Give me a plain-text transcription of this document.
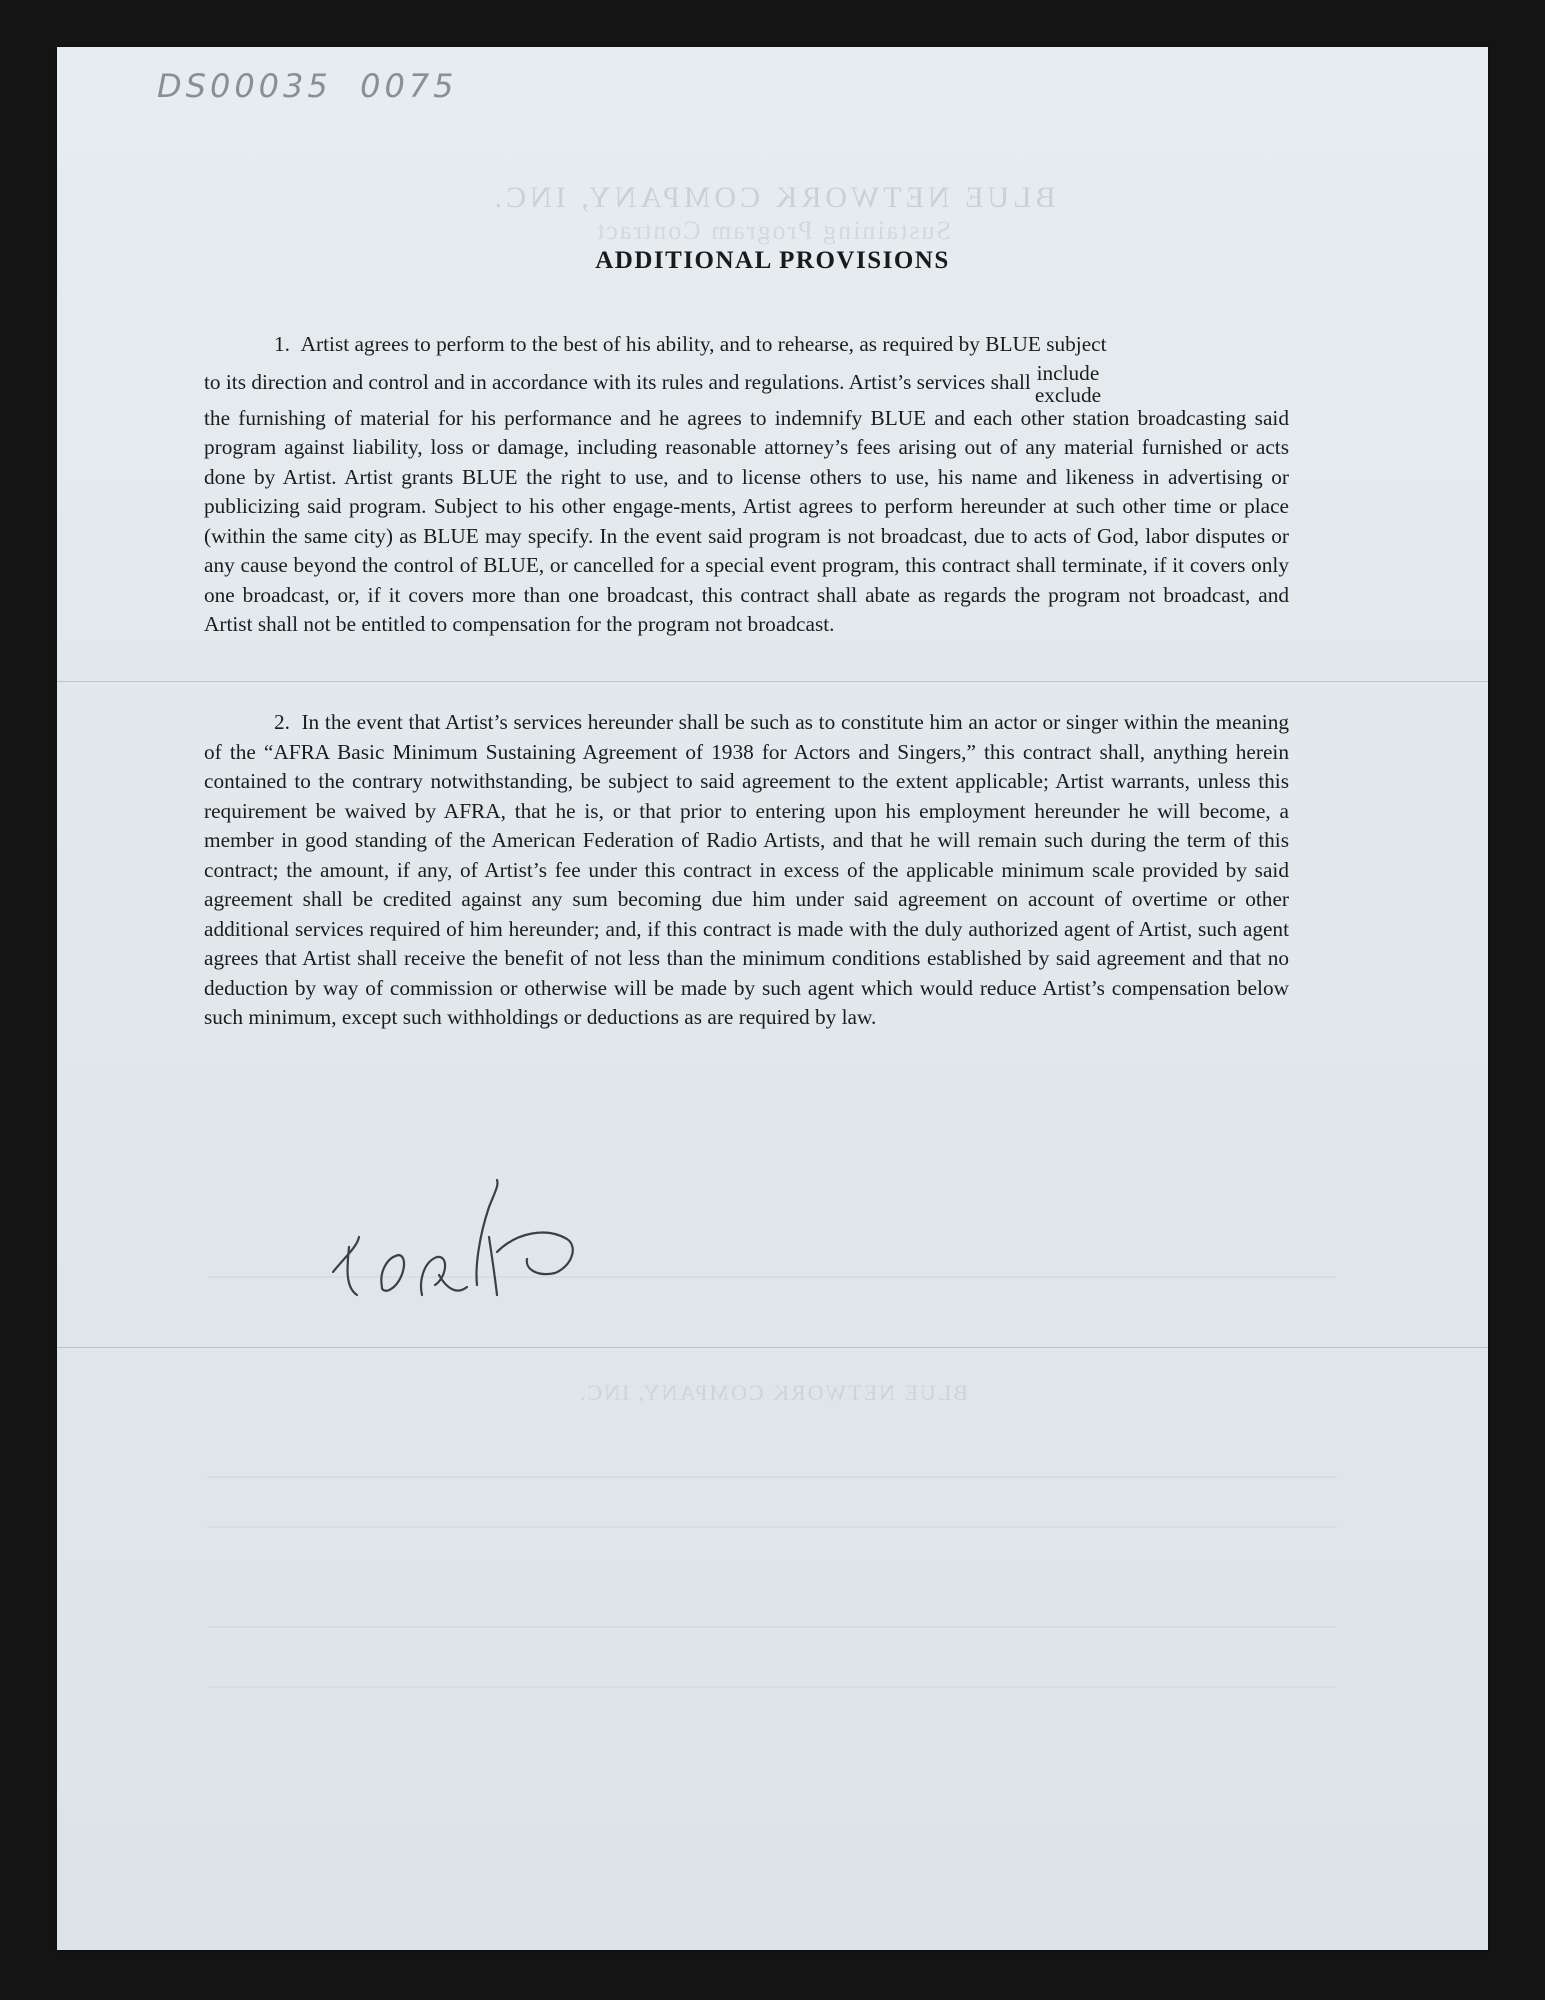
BLUE NETWORK COMPANY, INC.
Sustaining Program Contract
BLUE NETWORK COMPANY, INC.
DS00035  0075
ADDITIONAL PROVISIONS
1. Artist agrees to perform to the best of his ability, and to rehearse, as required by BLUE subject
to its direction and control and in accordance with its rules and regulations. Artist’s services shall include
exclude
the furnishing of material for his performance and he agrees to indemnify BLUE and each other station broadcasting said program against liability, loss or damage, including reasonable attorney’s fees arising out of any material furnished or acts done by Artist. Artist grants BLUE the right to use, and to license others to use, his name and likeness in advertising or publicizing said program. Subject to his other engage-ments, Artist agrees to perform hereunder at such other time or place (within the same city) as BLUE may specify. In the event said program is not broadcast, due to acts of God, labor disputes or any cause beyond the control of BLUE, or cancelled for a special event program, this contract shall terminate, if it covers only one broadcast, or, if it covers more than one broadcast, this contract shall abate as regards the program not broadcast, and Artist shall not be entitled to compensation for the program not broadcast.
2. In the event that Artist’s services hereunder shall be such as to constitute him an actor or singer within the meaning of the “AFRA Basic Minimum Sustaining Agreement of 1938 for Actors and Singers,” this contract shall, anything herein contained to the contrary notwithstanding, be subject to said agreement to the extent applicable; Artist warrants, unless this requirement be waived by AFRA, that he is, or that prior to entering upon his employment hereunder he will become, a member in good standing of the American Federation of Radio Artists, and that he will remain such during the term of this contract; the amount, if any, of Artist’s fee under this contract in excess of the applicable minimum scale provided by said agreement shall be credited against any sum becoming due him under said agreement on account of overtime or other additional services required of him hereunder; and, if this contract is made with the duly authorized agent of Artist, such agent agrees that Artist shall receive the benefit of not less than the minimum conditions established by said agreement and that no deduction by way of commission or otherwise will be made by such agent which would reduce Artist’s compensation below such minimum, except such withholdings or deductions as are required by law.
